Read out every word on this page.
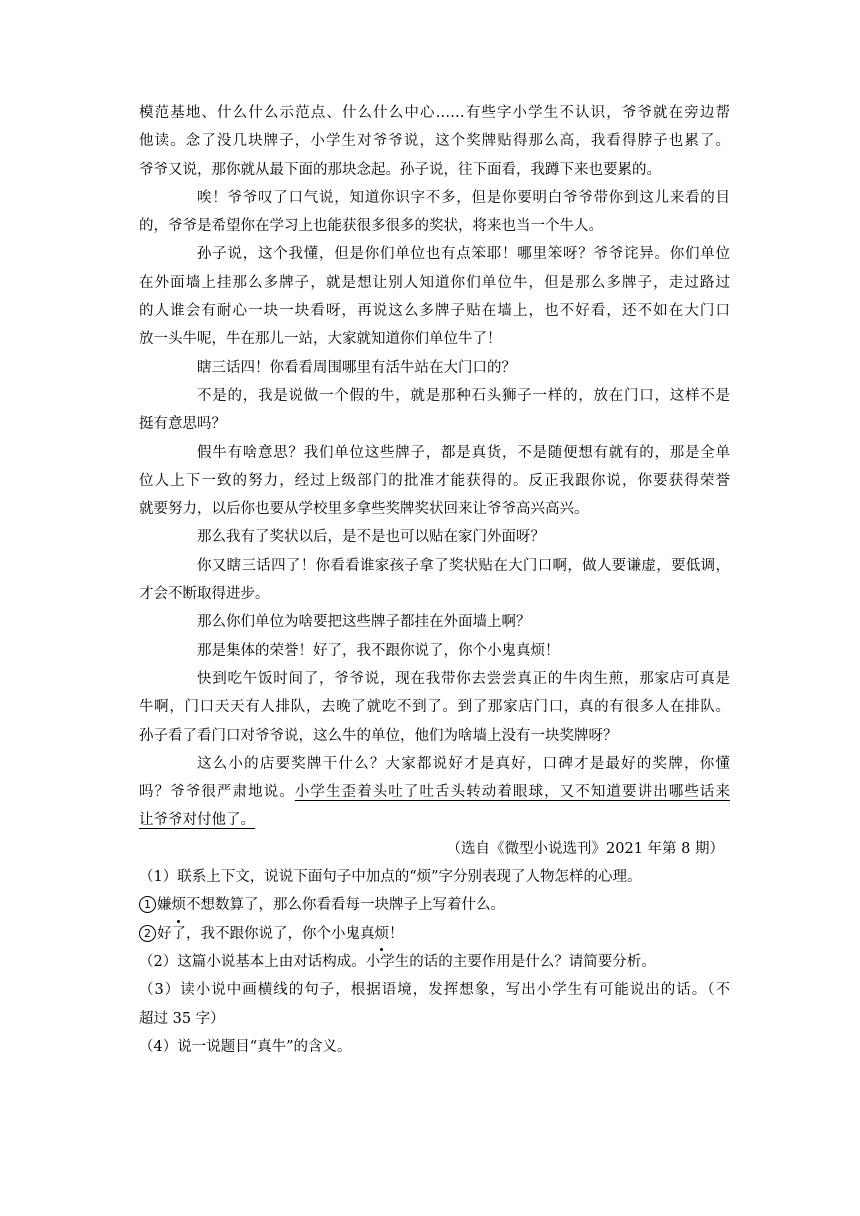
模范基地、什么什么示范点、什么什么中心……有些字小学生不认识，爷爷就在旁边帮
他读。念了没几块牌子，小学生对爷爷说，这个奖牌贴得那么高，我看得脖子也累了。
爷爷又说，那你就从最下面的那块念起。孙子说，往下面看，我蹲下来也要累的。
唉！爷爷叹了口气说，知道你识字不多，但是你要明白爷爷带你到这儿来看的目
的，爷爷是希望你在学习上也能获很多很多的奖状，将来也当一个牛人。
孙子说，这个我懂，但是你们单位也有点笨耶！哪里笨呀？爷爷诧异。你们单位
在外面墙上挂那么多牌子，就是想让别人知道你们单位牛，但是那么多牌子，走过路过
的人谁会有耐心一块一块看呀，再说这么多牌子贴在墙上，也不好看，还不如在大门口
放一头牛呢，牛在那儿一站，大家就知道你们单位牛了！
瞎三话四！你看看周围哪里有活牛站在大门口的？
不是的，我是说做一个假的牛，就是那种石头狮子一样的，放在门口，这样不是
挺有意思吗？
假牛有啥意思？我们单位这些牌子，都是真货，不是随便想有就有的，那是全单
位人上下一致的努力，经过上级部门的批准才能获得的。反正我跟你说，你要获得荣誉
就要努力，以后你也要从学校里多拿些奖牌奖状回来让爷爷高兴高兴。
那么我有了奖状以后，是不是也可以贴在家门外面呀？
你又瞎三话四了！你看看谁家孩子拿了奖状贴在大门口啊，做人要谦虚，要低调，
才会不断取得进步。
那么你们单位为啥要把这些牌子都挂在外面墙上啊？
那是集体的荣誉！好了，我不跟你说了，你个小鬼真烦！
快到吃午饭时间了，爷爷说，现在我带你去尝尝真正的牛肉生煎，那家店可真是
牛啊，门口天天有人排队，去晚了就吃不到了。到了那家店门口，真的有很多人在排队。
孙子看了看门口对爷爷说，这么牛的单位，他们为啥墙上没有一块奖牌呀？
这么小的店要奖牌干什么？大家都说好才是真好，口碑才是最好的奖牌，你懂
吗？爷爷很严肃地说。小学生歪着头吐了吐舌头转动着眼球，又不知道要讲出哪些话来
让爷爷对付他了。
（选自《微型小说选刊》2021 年第 8 期）
（1）联系上下文，说说下面句子中加点的“烦”字分别表现了人物怎样的心理。
1 嫌烦不想数算了，那么你看看每一块牌子上写着什么。
2 好了，我不跟你说了，你个小鬼真烦！
（2）这篇小说基本上由对话构成。小学生的话的主要作用是什么？请简要分析。
（3）读小说中画横线的句子，根据语境，发挥想象，写出小学生有可能说出的话。（不
超过 35 字）
（4）说一说题目“真牛”的含义。
